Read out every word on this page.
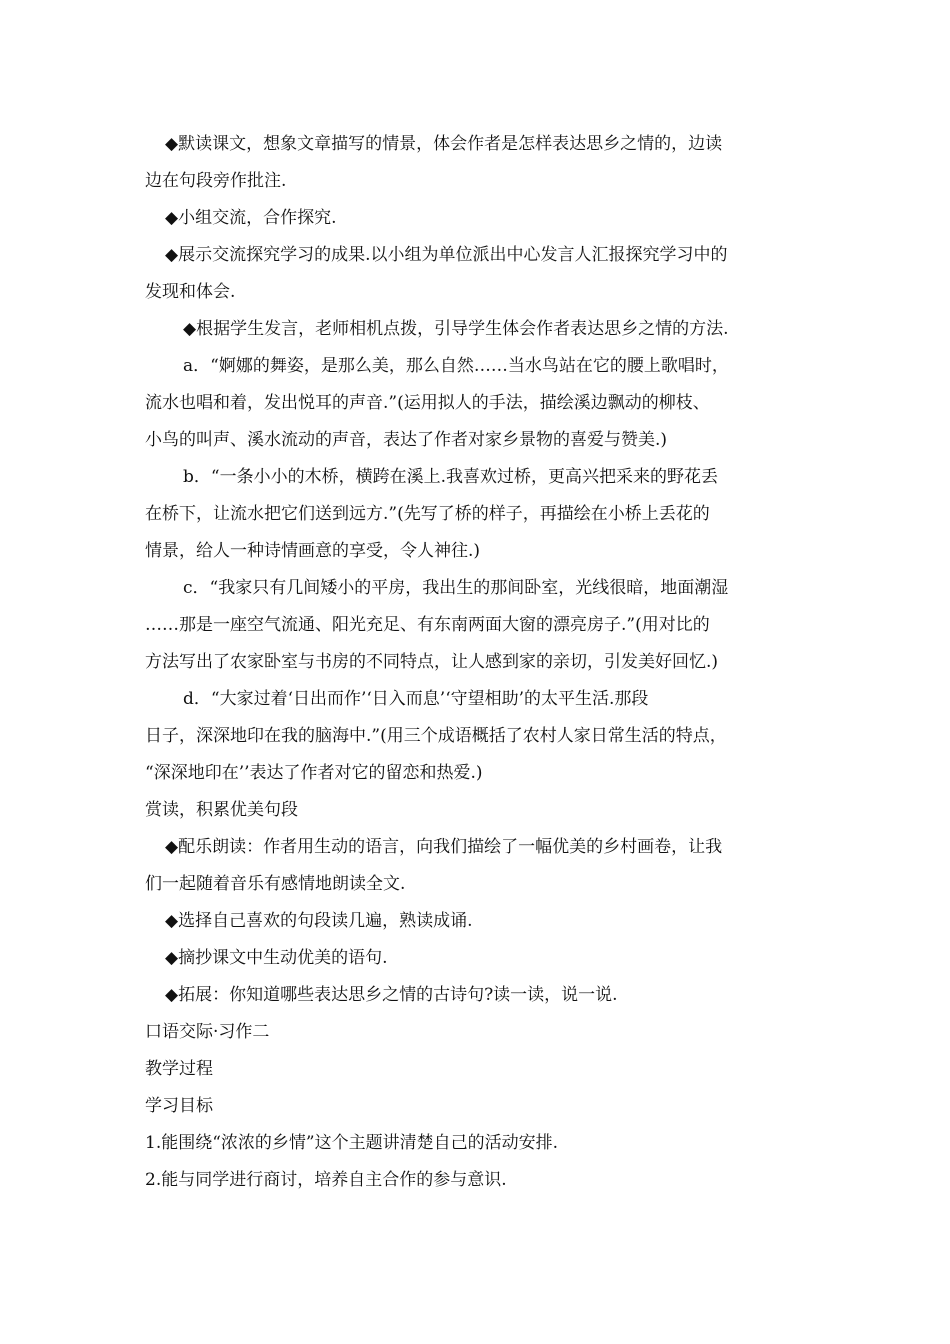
◆默读课文，想象文章描写的情景，体会作者是怎样表达思乡之情的，边读
边在句段旁作批注.
◆小组交流，合作探究.
◆展示交流探究学习的成果.以小组为单位派出中心发言人汇报探究学习中的
发现和体会.
◆根据学生发言，老师相机点拨，引导学生体会作者表达思乡之情的方法.
a．“婀娜的舞姿，是那么美，那么自然……当水鸟站在它的腰上歌唱时，
流水也唱和着，发出悦耳的声音.”(运用拟人的手法，描绘溪边飘动的柳枝、
小鸟的叫声、溪水流动的声音，表达了作者对家乡景物的喜爱与赞美.)
b．“一条小小的木桥，横跨在溪上.我喜欢过桥，更高兴把采来的野花丢
在桥下，让流水把它们送到远方.”(先写了桥的样子，再描绘在小桥上丢花的
情景，给人一种诗情画意的享受，令人神往.)
c．“我家只有几间矮小的平房，我出生的那间卧室，光线很暗，地面潮湿
……那是一座空气流通、阳光充足、有东南两面大窗的漂亮房子.”(用对比的
方法写出了农家卧室与书房的不同特点，让人感到家的亲切，引发美好回忆.)
d．“大家过着‘日出而作’‘日入而息’‘守望相助’的太平生活.那段
日子，深深地印在我的脑海中.”(用三个成语概括了农村人家日常生活的特点，
“深深地印在’’表达了作者对它的留恋和热爱.)
赏读，积累优美句段
◆配乐朗读：作者用生动的语言，向我们描绘了一幅优美的乡村画卷，让我
们一起随着音乐有感情地朗读全文.
◆选择自己喜欢的句段读几遍，熟读成诵.
◆摘抄课文中生动优美的语句.
◆拓展：你知道哪些表达思乡之情的古诗句?读一读，说一说.
口语交际·习作二
教学过程
学习目标
1.能围绕“浓浓的乡情”这个主题讲清楚自己的活动安排.
2.能与同学进行商讨，培养自主合作的参与意识.
